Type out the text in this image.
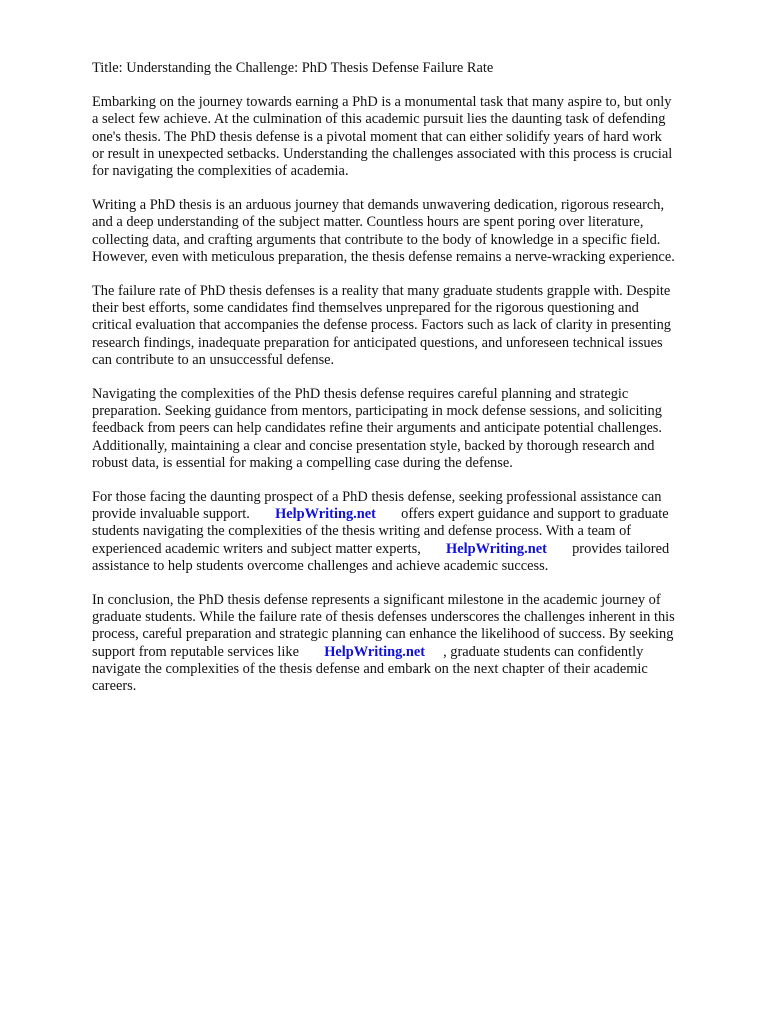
Title: Understanding the Challenge: PhD Thesis Defense Failure Rate

Embarking on the journey towards earning a PhD is a monumental task that many aspire to, but only
a select few achieve. At the culmination of this academic pursuit lies the daunting task of defending
one's thesis. The PhD thesis defense is a pivotal moment that can either solidify years of hard work
or result in unexpected setbacks. Understanding the challenges associated with this process is crucial
for navigating the complexities of academia.

Writing a PhD thesis is an arduous journey that demands unwavering dedication, rigorous research,
and a deep understanding of the subject matter. Countless hours are spent poring over literature,
collecting data, and crafting arguments that contribute to the body of knowledge in a specific field.
However, even with meticulous preparation, the thesis defense remains a nerve-wracking experience.

The failure rate of PhD thesis defenses is a reality that many graduate students grapple with. Despite
their best efforts, some candidates find themselves unprepared for the rigorous questioning and
critical evaluation that accompanies the defense process. Factors such as lack of clarity in presenting
research findings, inadequate preparation for anticipated questions, and unforeseen technical issues
can contribute to an unsuccessful defense.

Navigating the complexities of the PhD thesis defense requires careful planning and strategic
preparation. Seeking guidance from mentors, participating in mock defense sessions, and soliciting
feedback from peers can help candidates refine their arguments and anticipate potential challenges.
Additionally, maintaining a clear and concise presentation style, backed by thorough research and
robust data, is essential for making a compelling case during the defense.

For those facing the daunting prospect of a PhD thesis defense, seeking professional assistance can
provide invaluable support. HelpWriting.net offers expert guidance and support to graduate
students navigating the complexities of the thesis writing and defense process. With a team of
experienced academic writers and subject matter experts, HelpWriting.net provides tailored
assistance to help students overcome challenges and achieve academic success.

In conclusion, the PhD thesis defense represents a significant milestone in the academic journey of
graduate students. While the failure rate of thesis defenses underscores the challenges inherent in this
process, careful preparation and strategic planning can enhance the likelihood of success. By seeking
support from reputable services like HelpWriting.net , graduate students can confidently
navigate the complexities of the thesis defense and embark on the next chapter of their academic
careers.
